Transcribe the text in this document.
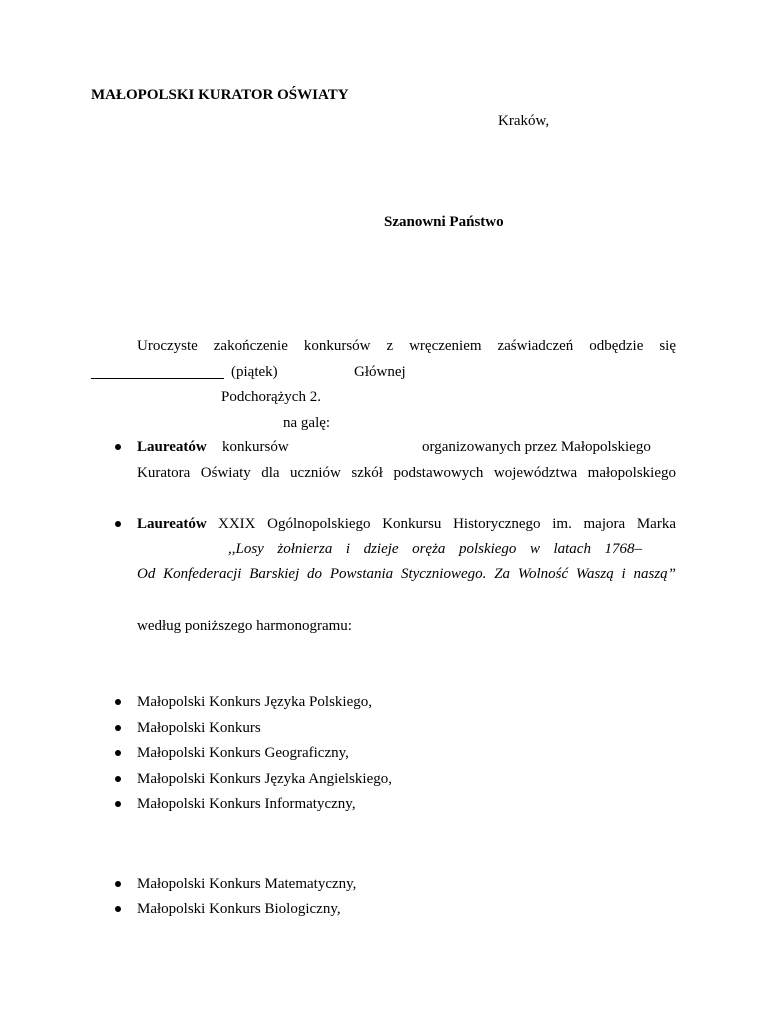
MAŁOPOLSKI KURATOR OŚWIATY
Kraków,
Szanowni Państwo
Uroczyste zakończenie konkursów z wręczeniem zaświadczeń odbędzie się
(piątek)	Głównej
Podchorążych 2.
na galę:
Laureatów konkursów	organizowanych przez Małopolskiego
Kuratora Oświaty dla uczniów szkół podstawowych województwa małopolskiego
Laureatów XXIX Ogólnopolskiego Konkursu Historycznego im. majora Marka
,,Losy żołnierza i dzieje oręża polskiego w latach 1768–
Od Konfederacji Barskiej do Powstania Styczniowego. Za Wolność Waszą i naszą”
według poniższego harmonogramu:
Małopolski Konkurs Języka Polskiego,
Małopolski Konkurs
Małopolski Konkurs Geograficzny,
Małopolski Konkurs Języka Angielskiego,
Małopolski Konkurs Informatyczny,
Małopolski Konkurs Matematyczny,
Małopolski Konkurs Biologiczny,
